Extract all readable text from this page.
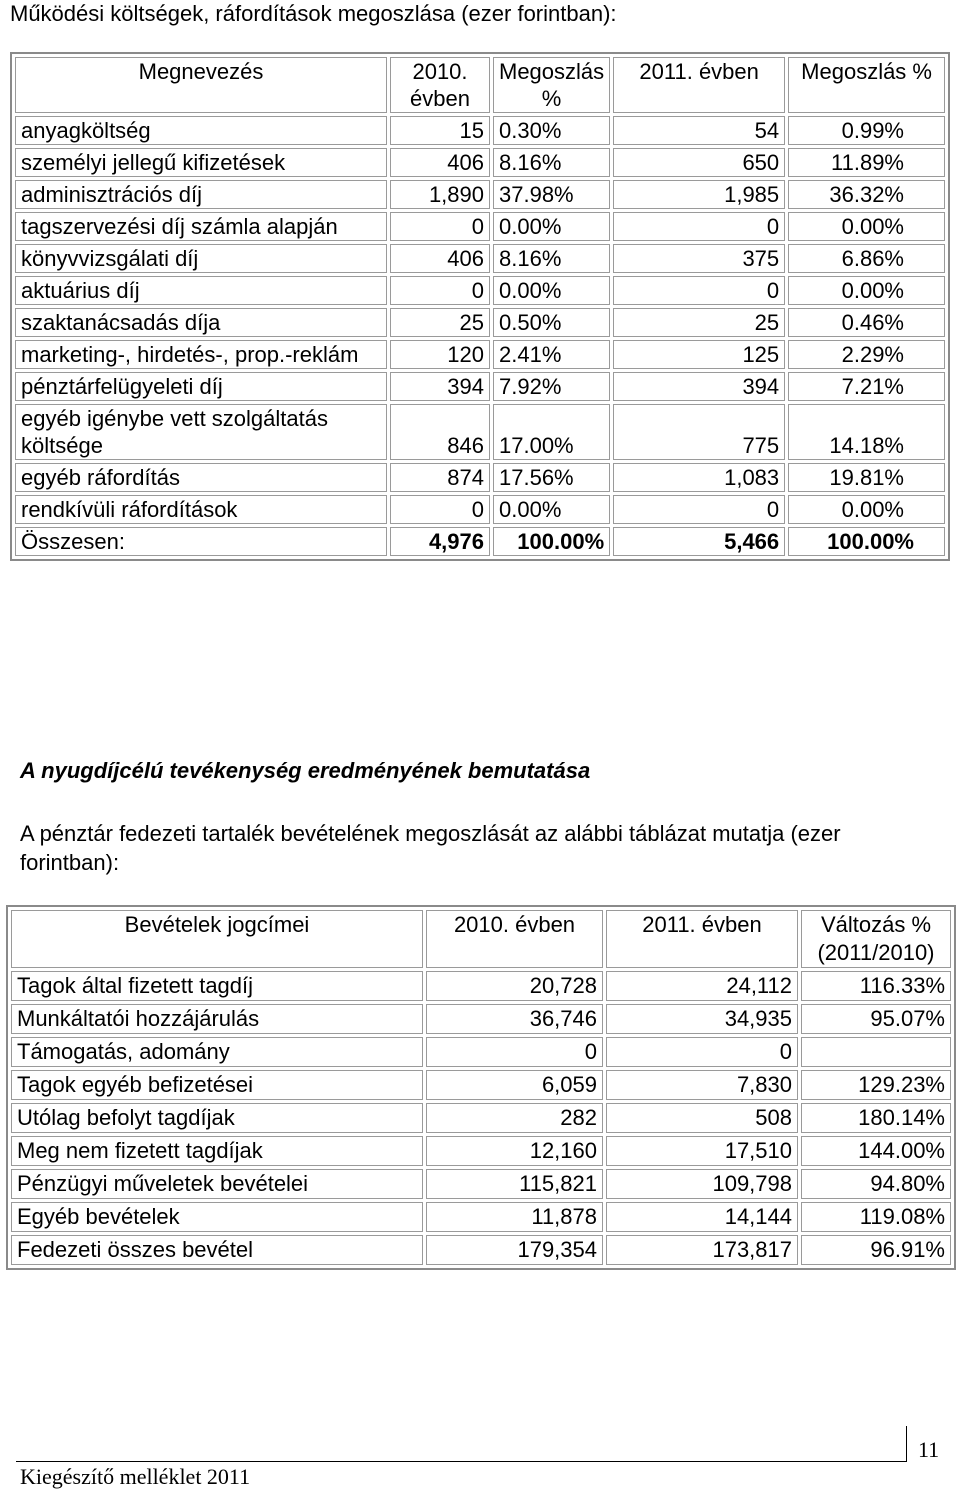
Működési költségek, ráfordítások megoszlása (ezer forintban):
Megnevezés	2010. évben	Megoszlás %	2011. évben	Megoszlás %
anyagköltség	15	0.30%	54	0.99%
személyi jellegű kifizetések	406	8.16%	650	11.89%
adminisztrációs díj	1,890	37.98%	1,985	36.32%
tagszervezési díj számla alapján	0	0.00%	0	0.00%
könyvvizsgálati díj	406	8.16%	375	6.86%
aktuárius díj	0	0.00%	0	0.00%
szaktanácsadás díja	25	0.50%	25	0.46%
marketing-, hirdetés-, prop.-reklám	120	2.41%	125	2.29%
pénztárfelügyeleti díj	394	7.92%	394	7.21%
egyéb igénybe vett szolgáltatás költsége	846	17.00%	775	14.18%
egyéb ráfordítás	874	17.56%	1,083	19.81%
rendkívüli ráfordítások	0	0.00%	0	0.00%
Összesen:	4,976	100.00%	5,466	100.00%
A nyugdíjcélú tevékenység eredményének bemutatása
A pénztár fedezeti tartalék bevételének megoszlását az alábbi táblázat mutatja (ezer forintban):
Bevételek jogcímei	2010. évben	2011. évben	Változás % (2011/2010)
Tagok által fizetett tagdíj	20,728	24,112	116.33%
Munkáltatói hozzájárulás	36,746	34,935	95.07%
Támogatás, adomány	0	0	
Tagok egyéb befizetései	6,059	7,830	129.23%
Utólag befolyt tagdíjak	282	508	180.14%
Meg nem fizetett tagdíjak	12,160	17,510	144.00%
Pénzügyi műveletek bevételei	115,821	109,798	94.80%
Egyéb bevételek	11,878	14,144	119.08%
Fedezeti összes bevétel	179,354	173,817	96.91%
11
Kiegészítő melléklet 2011
